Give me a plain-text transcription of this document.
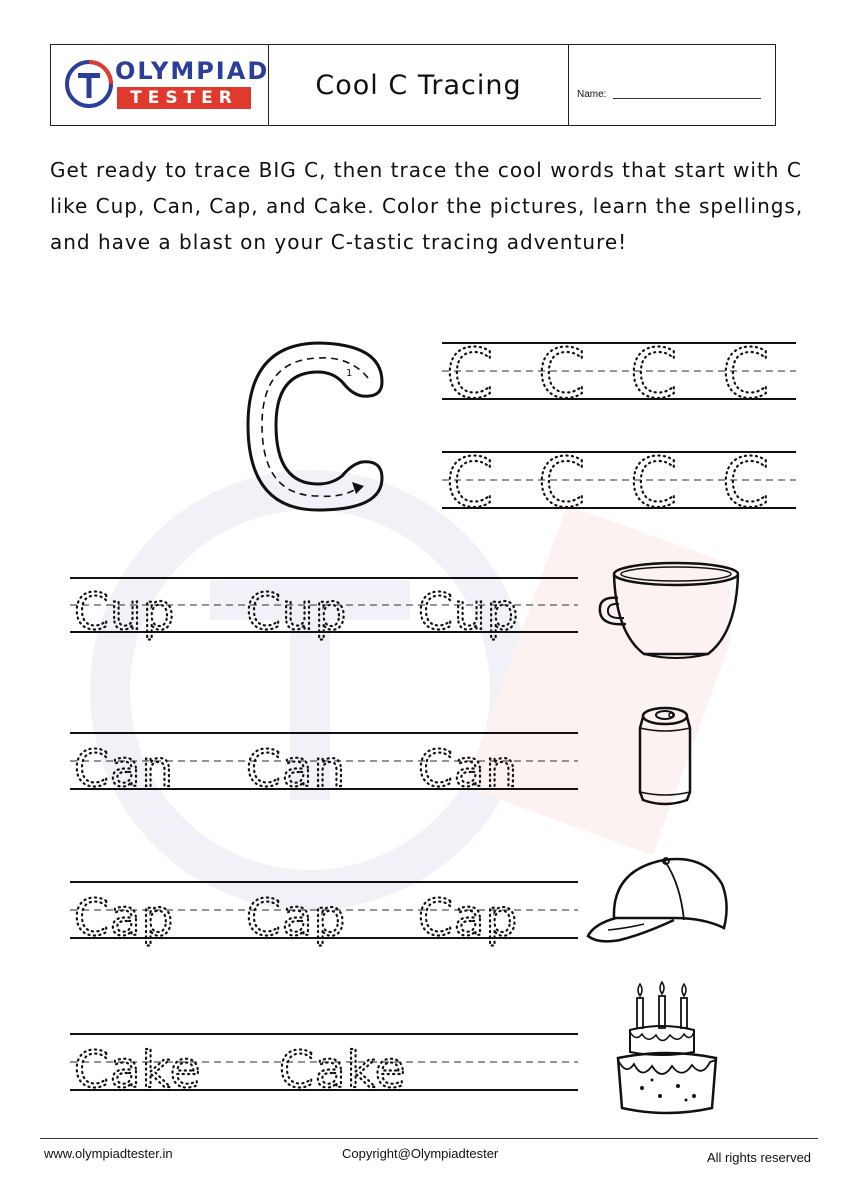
OLYMPIAD
TESTER	Cool C Tracing	Name:
Get ready to trace BIG C, then trace the cool words that start with C like Cup, Can, Cap, and Cake. Color the pictures, learn the spellings, and have a blast on your C-tastic tracing adventure!
1 C C C C
C C C C
Cup Cup Cup
Can Can Can
Cap Cap Cap
Cake Cake
www.olympiadtester.in	Copyright@Olympiadtester	All rights reserved
